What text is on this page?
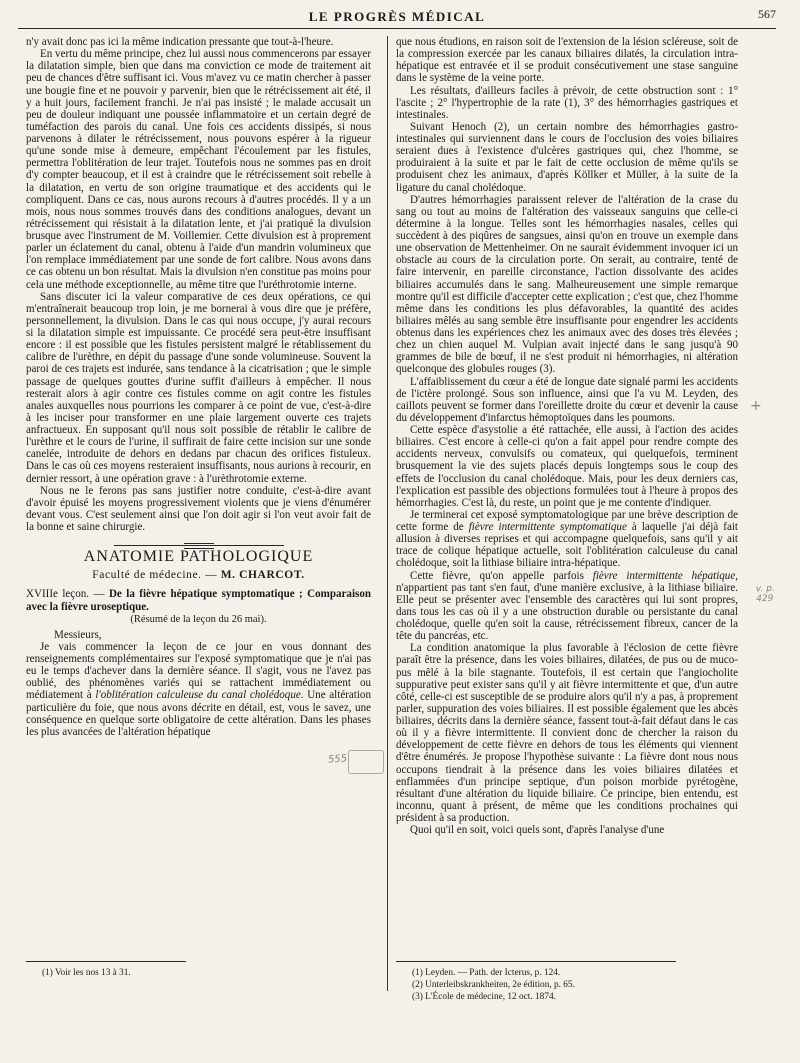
LE PROGRÈS MÉDICAL	567

n'y avait donc pas ici la même indication pressante que tout-à-l'heure.

En vertu du même principe, chez lui aussi nous commencerons par essayer la dilatation simple, bien que dans ma conviction ce mode de traitement ait peu de chances d'être suffisant ici. Vous m'avez vu ce matin chercher à passer une bougie fine et ne pouvoir y parvenir, bien que le rétrécissement ait été, il y a huit jours, facilement franchi. Je n'ai pas insisté ; le malade accusait un peu de douleur indiquant une poussée inflammatoire et un certain degré de tuméfaction des parois du canal. Une fois ces accidents dissipés, si nous parvenons à dilater le rétrécissement, nous pouvons espérer à la rigueur qu'une sonde mise à demeure, empêchant l'écoulement par les fistules, permettra l'oblitération de leur trajet. Toutefois nous ne sommes pas en droit d'y compter beaucoup, et il est à craindre que le rétrécissement soit rebelle à la dilatation, en vertu de son origine traumatique et des accidents qui le compliquent. Dans ce cas, nous aurons recours à d'autres procédés. Il y a un mois, nous nous sommes trouvés dans des conditions analogues, devant un rétrécissement qui résistait à la dilatation lente, et j'ai pratiqué la divulsion brusque avec l'instrument de M. Voillemier. Cette divulsion est à proprement parler un éclatement du canal, obtenu à l'aide d'un mandrin volumineux que l'on remplace immédiatement par une sonde de fort calibre. Nous avons dans ce cas obtenu un bon résultat. Mais la divulsion n'en constitue pas moins pour cela une méthode exceptionnelle, au même titre que l'uréthrotomie interne.

Sans discuter ici la valeur comparative de ces deux opérations, ce qui m'entraînerait beaucoup trop loin, je me bornerai à vous dire que je préfère, personnellement, la divulsion. Dans le cas qui nous occupe, j'y aurai recours si la dilatation simple est impuissante. Ce procédé sera peut-être insuffisant encore : il est possible que les fistules persistent malgré le rétablissement du calibre de l'urèthre, en dépit du passage d'une sonde volumineuse. Souvent la paroi de ces trajets est indurée, sans tendance à la cicatrisation ; que le simple passage de quelques gouttes d'urine suffit d'ailleurs à empêcher. Il nous resterait alors à agir contre ces fistules comme on agit contre les fistules anales auxquelles nous pourrions les comparer à ce point de vue, c'est-à-dire à les inciser pour transformer en une plaie largement ouverte ces trajets anfractueux. En supposant qu'il nous soit possible de rétablir le calibre de l'urèthre et le cours de l'urine, il suffirait de faire cette incision sur une sonde canelée, introduite de dehors en dedans par chacun des orifices fistuleux. Dans le cas où ces moyens resteraient insuffisants, nous aurions à recourir, en dernier ressort, à une opération grave : à l'urèthrotomie externe.

Nous ne le ferons pas sans justifier notre conduite, c'est-à-dire avant d'avoir épuisé les moyens progressivement violents que je viens d'énumérer devant vous. C'est seulement ainsi que l'on doit agir si l'on veut avoir fait de la bonne et saine chirurgie.

ANATOMIE PATHOLOGIQUE
Faculté de médecine. — M. CHARCOT.

XVIIIe leçon. — De la fièvre hépatique symptomatique ; Comparaison avec la fièvre uroseptique.

(Résumé de la leçon du 26 mai).

Messieurs,

Je vais commencer la leçon de ce jour en vous donnant des renseignements complémentaires sur l'exposé symptomatique que je n'ai pas eu le temps d'achever dans la dernière séance. Il s'agit, vous ne l'avez pas oublié, des phénomènes variés qui se rattachent immédiatement ou médiatement à l'oblitération calculeuse du canal cholédoque. Une altération particulière du foie, que nous avons décrite en détail, est, vous le savez, une conséquence en quelque sorte obligatoire de cette altération. Dans les phases les plus avancées de l'altération hépatique

que nous étudions, en raison soit de l'extension de la lésion scléreuse, soit de la compression exercée par les canaux biliaires dilatés, la circulation intra-hépatique est entravée et il se produit consécutivement une stase sanguine dans le système de la veine porte.

Les résultats, d'ailleurs faciles à prévoir, de cette obstruction sont : 1° l'ascite ; 2° l'hypertrophie de la rate (1), 3° des hémorrhagies gastriques et intestinales.

Suivant Henoch (2), un certain nombre des hémorrhagies gastro-intestinales qui surviennent dans le cours de l'occlusion des voies biliaires seraient dues à l'existence d'ulcères gastriques qui, chez l'homme, se produiraient à la suite et par le fait de cette occlusion de même qu'ils se produisent chez les animaux, d'après Köllker et Müller, à la suite de la ligature du canal cholédoque.

D'autres hémorrhagies paraissent relever de l'altération de la crase du sang ou tout au moins de l'altération des vaisseaux sanguins que celle-ci détermine à la longue. Telles sont les hémorrhagies nasales, celles qui succèdent à des piqûres de sangsues, ainsi qu'on en trouve un exemple dans une observation de Mettenheimer. On ne saurait évidemment invoquer ici un obstacle au cours de la circulation porte. On serait, au contraire, tenté de faire intervenir, en pareille circonstance, l'action dissolvante des acides biliaires accumulés dans le sang. Malheureusement une simple remarque montre qu'il est difficile d'accepter cette explication ; c'est que, chez l'homme même dans les conditions les plus défavorables, la quantité des acides biliaires mêlés au sang semble être insuffisante pour engendrer les accidents obtenus dans les expériences chez les animaux avec des doses très élevées ; chez un chien auquel M. Vulpian avait injecté dans le sang jusqu'à 90 grammes de bile de bœuf, il ne s'est produit ni hémorrhagies, ni altération quelconque des globules rouges (3).

L'affaiblissement du cœur a été de longue date signalé parmi les accidents de l'ictère prolongé. Sous son influence, ainsi que l'a vu M. Leyden, des caillots peuvent se former dans l'oreillette droite du cœur et devenir la cause du développement d'infarctus hémoptoïques dans les poumons.

Cette espèce d'asystolie a été rattachée, elle aussi, à l'action des acides biliaires. C'est encore à celle-ci qu'on a fait appel pour rendre compte des accidents nerveux, convulsifs ou comateux, qui quelquefois, terminent brusquement la vie des sujets placés depuis longtemps sous le coup des effets de l'occlusion du canal cholédoque. Mais, pour les deux derniers cas, l'explication est passible des objections formulées tout à l'heure à propos des hémorrhagies. C'est là, du reste, un point que je me contente d'indiquer.

Je terminerai cet exposé symptomatologique par une brève description de cette forme de fièvre intermittente symptomatique à laquelle j'ai déjà fait allusion à diverses reprises et qui accompagne quelquefois, sans qu'il y ait trace de colique hépatique actuelle, soit l'oblitération calculeuse du canal cholédoque, soit la lithiase biliaire intra-hépatique.

Cette fièvre, qu'on appelle parfois fièvre intermittente hépatique, n'appartient pas tant s'en faut, d'une manière exclusive, à la lithiase biliaire. Elle peut se présenter avec l'ensemble des caractères qui lui sont propres, dans tous les cas où il y a une obstruction durable ou persistante du canal cholédoque, quelle qu'en soit la cause, rétrécissement fibreux, cancer de la tête du pancréas, etc.

La condition anatomique la plus favorable à l'éclosion de cette fièvre paraît être la présence, dans les voies biliaires, dilatées, de pus ou de muco-pus mêlé à la bile stagnante. Toutefois, il est certain que l'angiocholite suppurative peut exister sans qu'il y ait fièvre intermittente et que, d'un autre côté, celle-ci est susceptible de se produire alors qu'il n'y a pas, à proprement parler, suppuration des voies biliaires. Il est possible également que les abcès biliaires, décrits dans la dernière séance, fassent tout-à-fait défaut dans le cas où il y a fièvre intermittente. Il convient donc de chercher la raison du développement de cette fièvre en dehors de tous les éléments qui viennent d'être énumérés. Je propose l'hypothèse suivante : La fièvre dont nous nous occupons tiendrait à la présence dans les voies biliaires dilatées et enflammées d'un principe septique, d'un poison morbide pyrétogène, résultant d'une altération du liquide biliaire. Ce principe, bien entendu, est inconnu, quant à présent, de même que les conditions prochaines qui président à sa production.

Quoi qu'il en soit, voici quels sont, d'après l'analyse d'une

(1) Voir les nos 13 à 31.	(1) Leyden. — Path. der Icterus, p. 124.
(2) Unterleibskrankheiten, 2e édition, p. 65.
(3) L'École de médecine, 12 oct. 1874.
555
v. p. 429
+
